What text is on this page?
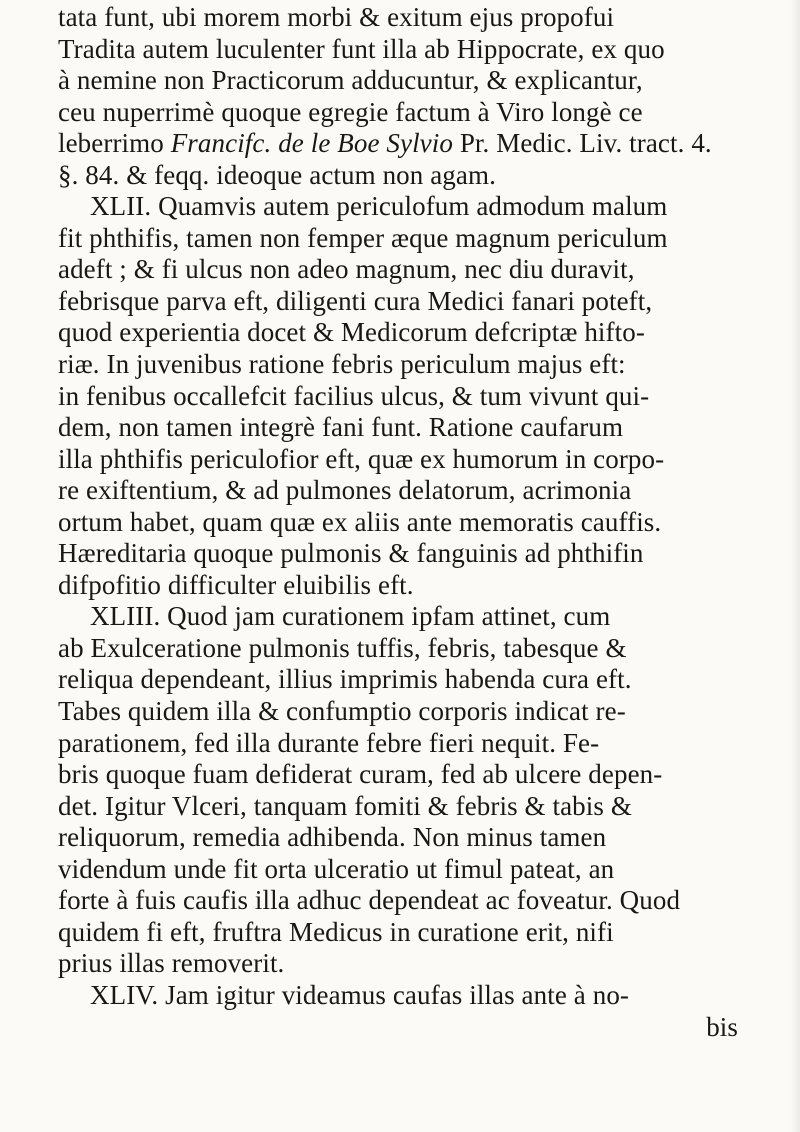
tata funt, ubi morem morbi & exitum ejus propofui
Tradita autem luculenter funt illa ab Hippocrate, ex quo
à nemine non Practicorum adducuntur, & explicantur,
ceu nuperrimè quoque egregie factum à Viro longè ce
leberrimo Francifc. de le Boe Sylvio Pr. Medic. Liv. tract. 4.
§. 84. & feqq. ideoque actum non agam.
XLII. Quamvis autem periculofum admodum malum
fit phthifis, tamen non femper æque magnum periculum
adeft ; & fi ulcus non adeo magnum, nec diu duravit,
febrisque parva eft, diligenti cura Medici fanari poteft,
quod experientia docet & Medicorum defcriptæ hifto-
riæ. In juvenibus ratione febris periculum majus eft:
in fenibus occallefcit facilius ulcus, & tum vivunt qui-
dem, non tamen integrè fani funt. Ratione caufarum
illa phthifis periculofior eft, quæ ex humorum in corpo-
re exiftentium, & ad pulmones delatorum, acrimonia
ortum habet, quam quæ ex aliis ante memoratis cauffis.
Hæreditaria quoque pulmonis & fanguinis ad phthifin
difpofitio difficulter eluibilis eft.
XLIII. Quod jam curationem ipfam attinet, cum
ab Exulceratione pulmonis tuffis, febris, tabesque &
reliqua dependeant, illius imprimis habenda cura eft.
Tabes quidem illa & confumptio corporis indicat re-
parationem, fed illa durante febre fieri nequit. Fe-
bris quoque fuam defiderat curam, fed ab ulcere depen-
det. Igitur Vlceri, tanquam fomiti & febris & tabis &
reliquorum, remedia adhibenda. Non minus tamen
videndum unde fit orta ulceratio ut fimul pateat, an
forte à fuis caufis illa adhuc dependeat ac foveatur. Quod
quidem fi eft, fruftra Medicus in curatione erit, nifi
prius illas removerit.
XLIV. Jam igitur videamus caufas illas ante à no-
bis
